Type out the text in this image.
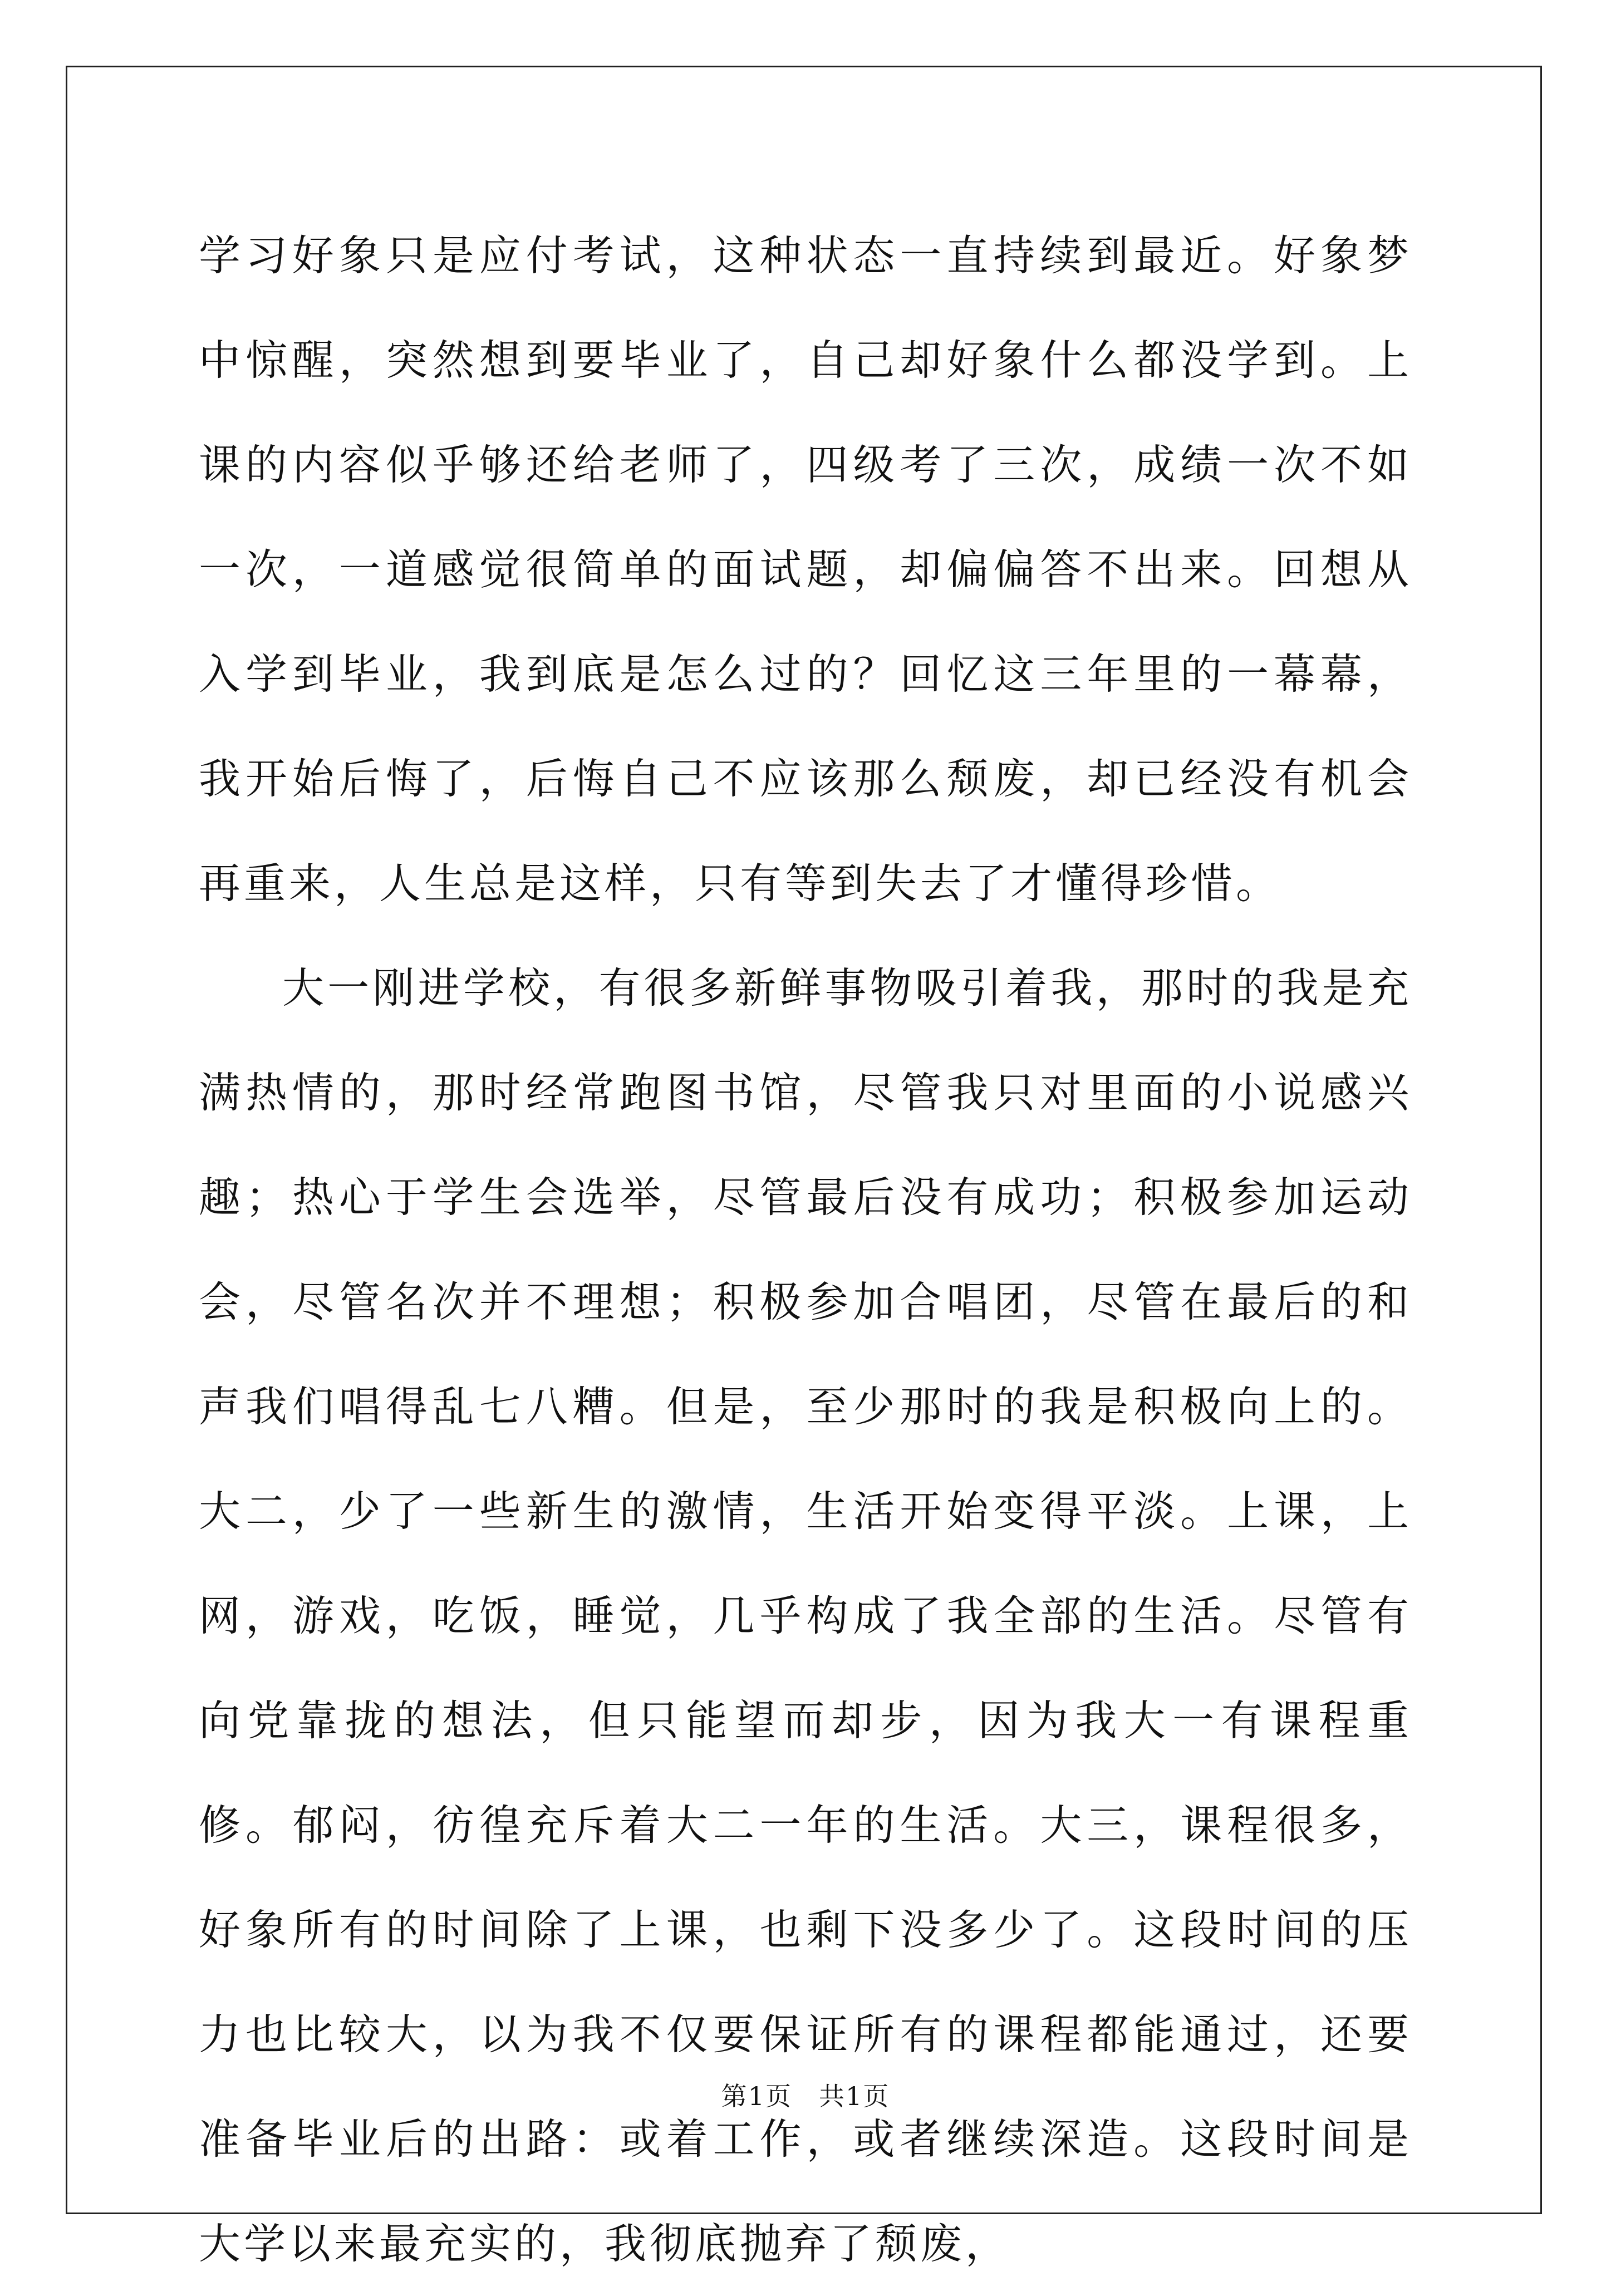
学习好象只是应付考试，这种状态一直持续到最近。好象梦中惊醒，突然想到要毕业了，自己却好象什么都没学到。上课的内容似乎够还给老师了，四级考了三次，成绩一次不如一次，一道感觉很简单的面试题，却偏偏答不出来。回想从入学到毕业，我到底是怎么过的？回忆这三年里的一幕幕，我开始后悔了，后悔自己不应该那么颓废，却已经没有机会再重来，人生总是这样，只有等到失去了才懂得珍惜。

大一刚进学校，有很多新鲜事物吸引着我，那时的我是充满热情的，那时经常跑图书馆，尽管我只对里面的小说感兴趣；热心于学生会选举，尽管最后没有成功；积极参加运动会，尽管名次并不理想；积极参加合唱团，尽管在最后的和声我们唱得乱七八糟。但是，至少那时的我是积极向上的。大二，少了一些新生的激情，生活开始变得平淡。上课，上网，游戏，吃饭，睡觉，几乎构成了我全部的生活。尽管有向党靠拢的想法，但只能望而却步，因为我大一有课程重修。郁闷，彷徨充斥着大二一年的生活。大三，课程很多，好象所有的时间除了上课，也剩下没多少了。这段时间的压力也比较大，以为我不仅要保证所有的课程都能通过，还要准备毕业后的出路：或着工作，或者继续深造。这段时间是大学以来最充实的，我彻底抛弃了颓废，

第1页　共1页
